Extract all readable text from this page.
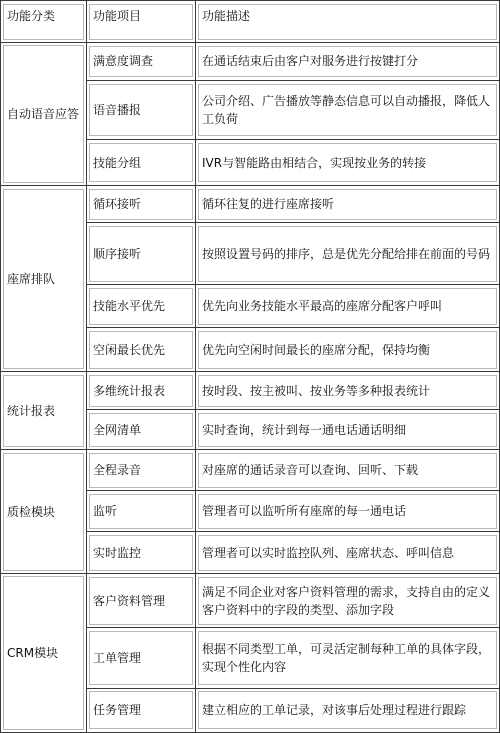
功能分类	功能项目	功能描述

自动语音应答	满意度调查	在通话结束后由客户对服务进行按键打分

	语音播报	公司介绍、广告播放等静态信息可以自动播报，降低人工负荷

	技能分组	IVR与智能路由相结合，实现按业务的转接

座席排队	循环接听	循环往复的进行座席接听

	顺序接听	按照设置号码的排序，总是优先分配给排在前面的号码

	技能水平优先	优先向业务技能水平最高的座席分配客户呼叫

	空闲最长优先	优先向空闲时间最长的座席分配，保持均衡

统计报表	多维统计报表	按时段、按主被叫、按业务等多种报表统计

	全网清单	实时查询，统计到每一通电话通话明细

质检模块	全程录音	对座席的通话录音可以查询、回听、下载

	监听	管理者可以监听所有座席的每一通电话

	实时监控	管理者可以实时监控队列、座席状态、呼叫信息

CRM模块	客户资料管理	满足不同企业对客户资料管理的需求，支持自由的定义客户资料中的字段的类型、添加字段

	工单管理	根据不同类型工单，可灵活定制每种工单的具体字段，实现个性化内容

	任务管理	建立相应的工单记录，对该事后处理过程进行跟踪
